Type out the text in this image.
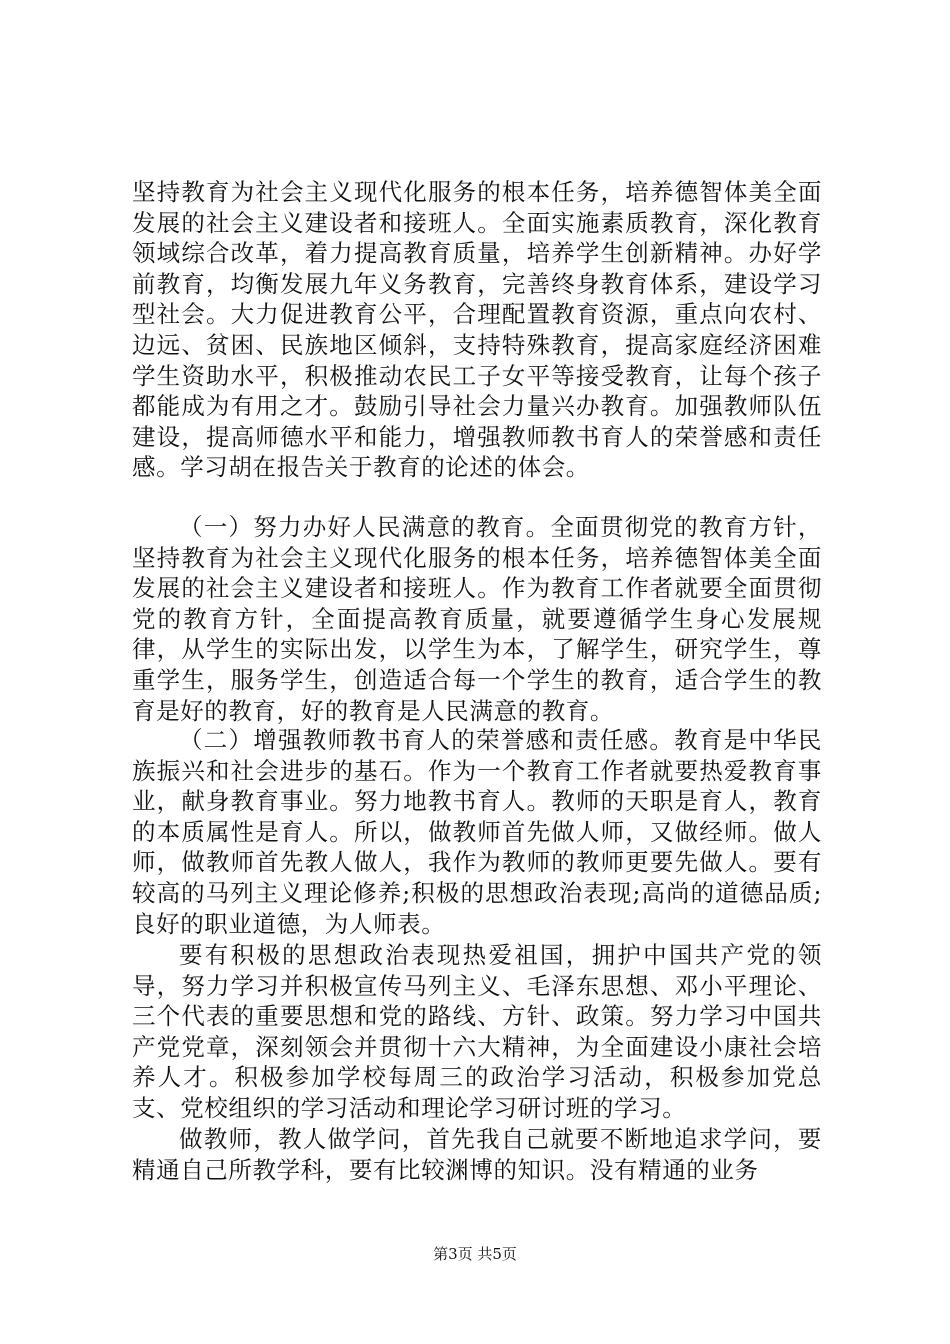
坚持教育为社会主义现代化服务的根本任务，培养德智体美全面发展的社会主义建设者和接班人。全面实施素质教育，深化教育领域综合改革，着力提高教育质量，培养学生创新精神。办好学前教育，均衡发展九年义务教育，完善终身教育体系，建设学习型社会。大力促进教育公平，合理配置教育资源，重点向农村、边远、贫困、民族地区倾斜，支持特殊教育，提高家庭经济困难学生资助水平，积极推动农民工子女平等接受教育，让每个孩子都能成为有用之才。鼓励引导社会力量兴办教育。加强教师队伍建设，提高师德水平和能力，增强教师教书育人的荣誉感和责任感。学习胡在报告关于教育的论述的体会。

（一）努力办好人民满意的教育。全面贯彻党的教育方针，坚持教育为社会主义现代化服务的根本任务，培养德智体美全面发展的社会主义建设者和接班人。作为教育工作者就要全面贯彻党的教育方针，全面提高教育质量，就要遵循学生身心发展规律，从学生的实际出发，以学生为本，了解学生，研究学生，尊重学生，服务学生，创造适合每一个学生的教育，适合学生的教育是好的教育，好的教育是人民满意的教育。

（二）增强教师教书育人的荣誉感和责任感。教育是中华民族振兴和社会进步的基石。作为一个教育工作者就要热爱教育事业，献身教育事业。努力地教书育人。教师的天职是育人，教育的本质属性是育人。所以，做教师首先做人师，又做经师。做人师，做教师首先教人做人，我作为教师的教师更要先做人。要有较高的马列主义理论修养;积极的思想政治表现;高尚的道德品质;良好的职业道德，为人师表。

要有积极的思想政治表现热爱祖国，拥护中国共产党的领导，努力学习并积极宣传马列主义、毛泽东思想、邓小平理论、三个代表的重要思想和党的路线、方针、政策。努力学习中国共产党党章，深刻领会并贯彻十六大精神，为全面建设小康社会培养人才。积极参加学校每周三的政治学习活动，积极参加党总支、党校组织的学习活动和理论学习研讨班的学习。

做教师，教人做学问，首先我自己就要不断地追求学问，要精通自己所教学科，要有比较渊博的知识。没有精通的业务

第3页 共5页
